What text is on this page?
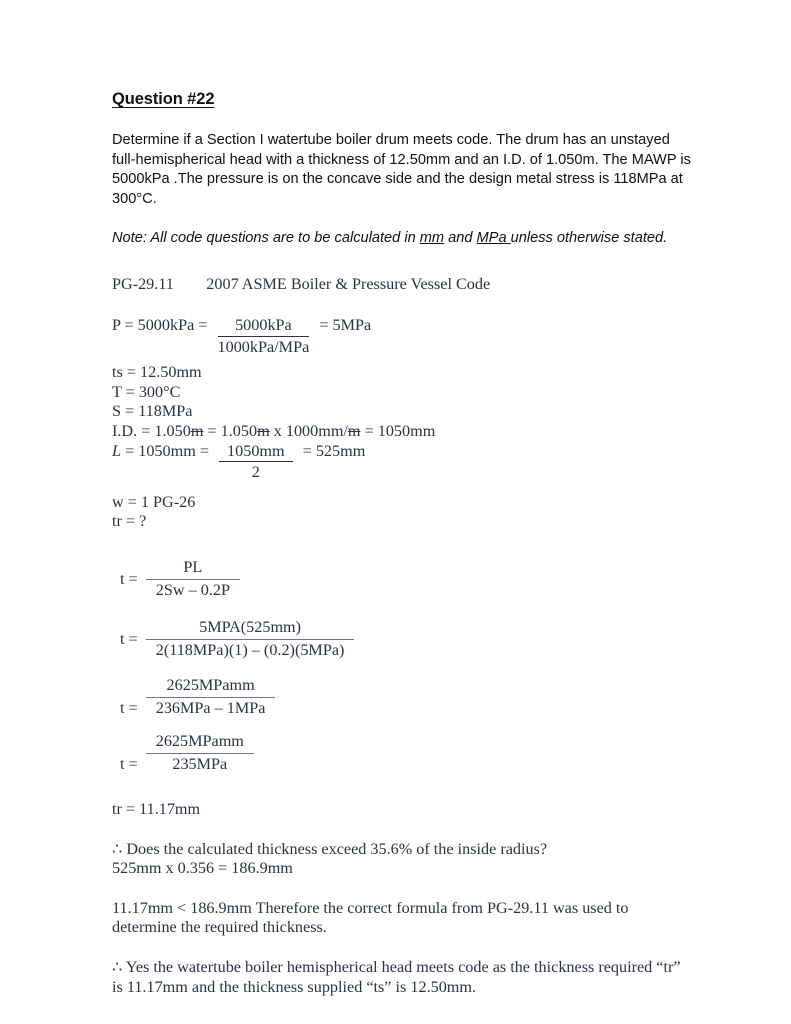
Question #22

Determine if a Section I watertube boiler drum meets code. The drum has an unstayed full-hemispherical head with a thickness of 12.50mm and an I.D. of 1.050m. The MAWP is 5000kPa .The pressure is on the concave side and the design metal stress is 118MPa at 300°C.

Note: All code questions are to be calculated in mm and MPa unless otherwise stated.

PG-29.11 2007 ASME Boiler & Pressure Vessel Code
$P = 5000kPa = \frac{\text{5000kPa}}{\text{1000kPa/MPa}} = 5MPa$
ts = 12.50mm
T = 300°C
S = 118MPa
I.D. = 1.050m = 1.050m x 1000mm/m = 1050mm
$L = 1050mm = \frac{1050mm}{2} = 525mm$
w = 1 PG-26
tr = ?
$t = \frac{PL}{2Sw - 0.2P}$
$t = \frac{\text{5MPA(525mm)}}{\text{2(118MPa)(1) – (0.2)(5MPa)}}$
$t = \frac{\text{2625MPamm}}{\text{236MPa – 1MPa}}$
$t = \frac{\text{2625MPamm}}{\text{235MPa}}$
tr = 11.17mm
∴ Does the calculated thickness exceed 35.6% of the inside radius?
525mm x 0.356 = 186.9mm

11.17mm < 186.9mm Therefore the correct formula from PG-29.11 was used to determine the required thickness.

∴ Yes the watertube boiler hemispherical head meets code as the thickness required “tr” is 11.17mm and the thickness supplied “ts” is 12.50mm.
